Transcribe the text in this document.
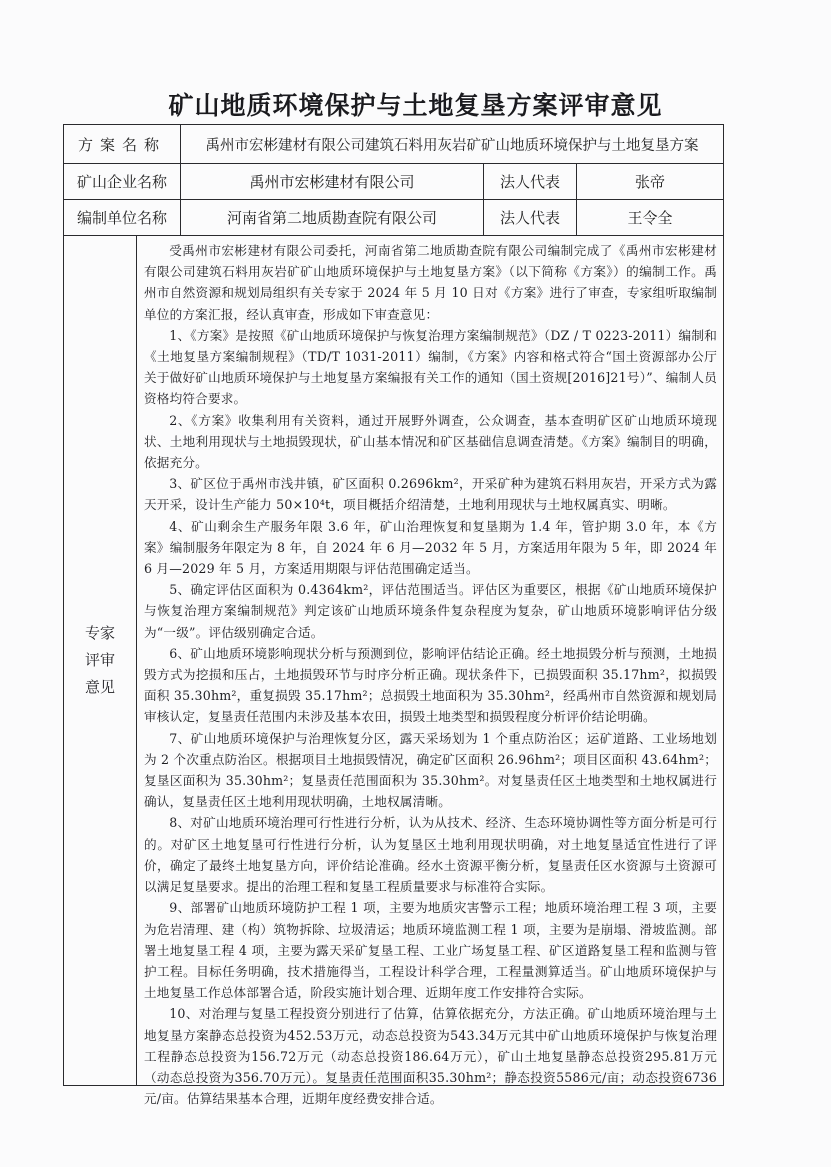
矿山地质环境保护与土地复垦方案评审意见
方案名称	禹州市宏彬建材有限公司建筑石料用灰岩矿矿山地质环境保护与土地复垦方案
矿山企业名称	禹州市宏彬建材有限公司	法人代表	张帝
编制单位名称	河南省第二地质勘查院有限公司	法人代表	王令全
专家
评审
意见

受禹州市宏彬建材有限公司委托，河南省第二地质勘查院有限公司编制完成了《禹州市宏彬建材有限公司建筑石料用灰岩矿矿山地质环境保护与土地复垦方案》（以下简称《方案》）的编制工作。禹州市自然资源和规划局组织有关专家于 2024 年 5 月 10 日对《方案》进行了审查，专家组听取编制单位的方案汇报，经认真审查，形成如下审查意见：

1、《方案》是按照《矿山地质环境保护与恢复治理方案编制规范》（DZ / T 0223-2011）编制和《土地复垦方案编制规程》（TD/T 1031-2011）编制，《方案》内容和格式符合“国土资源部办公厅关于做好矿山地质环境保护与土地复垦方案编报有关工作的通知（国土资规[2016]21号）”、编制人员资格均符合要求。

2、《方案》收集利用有关资料，通过开展野外调查，公众调查，基本查明矿区矿山地质环境现状、土地利用现状与土地损毁现状，矿山基本情况和矿区基础信息调查清楚。《方案》编制目的明确，依据充分。

3、矿区位于禹州市浅井镇，矿区面积 0.2696km²，开采矿种为建筑石料用灰岩，开采方式为露天开采，设计生产能力 50×10⁴t，项目概括介绍清楚，土地利用现状与土地权属真实、明晰。

4、矿山剩余生产服务年限 3.6 年，矿山治理恢复和复垦期为 1.4 年，管护期 3.0 年，本《方案》编制服务年限定为 8 年，自 2024 年 6 月—2032 年 5 月，方案适用年限为 5 年，即 2024 年 6 月—2029 年 5 月，方案适用期限与评估范围确定适当。

5、确定评估区面积为 0.4364km²，评估范围适当。评估区为重要区，根据《矿山地质环境保护与恢复治理方案编制规范》判定该矿山地质环境条件复杂程度为复杂，矿山地质环境影响评估分级为“一级”。评估级别确定合适。

6、矿山地质环境影响现状分析与预测到位，影响评估结论正确。经土地损毁分析与预测，土地损毁方式为挖损和压占，土地损毁环节与时序分析正确。现状条件下，已损毁面积 35.17hm²，拟损毁面积 35.30hm²，重复损毁 35.17hm²；总损毁土地面积为 35.30hm²，经禹州市自然资源和规划局审核认定，复垦责任范围内未涉及基本农田，损毁土地类型和损毁程度分析评价结论明确。

7、矿山地质环境保护与治理恢复分区，露天采场划为 1 个重点防治区；运矿道路、工业场地划为 2 个次重点防治区。根据项目土地损毁情况，确定矿区面积 26.96hm²；项目区面积 43.64hm²；复垦区面积为 35.30hm²；复垦责任范围面积为 35.30hm²。对复垦责任区土地类型和土地权属进行确认，复垦责任区土地利用现状明确，土地权属清晰。

8、对矿山地质环境治理可行性进行分析，认为从技术、经济、生态环境协调性等方面分析是可行的。对矿区土地复垦可行性进行分析，认为复垦区土地利用现状明确，对土地复垦适宜性进行了评价，确定了最终土地复垦方向，评价结论准确。经水土资源平衡分析，复垦责任区水资源与土资源可以满足复垦要求。提出的治理工程和复垦工程质量要求与标准符合实际。

9、部署矿山地质环境防护工程 1 项，主要为地质灾害警示工程；地质环境治理工程 3 项，主要为危岩清理、建（构）筑物拆除、垃圾清运；地质环境监测工程 1 项，主要为是崩塌、滑坡监测。部署土地复垦工程 4 项，主要为露天采矿复垦工程、工业广场复垦工程、矿区道路复垦工程和监测与管护工程。目标任务明确，技术措施得当，工程设计科学合理，工程量测算适当。矿山地质环境保护与土地复垦工作总体部署合适，阶段实施计划合理、近期年度工作安排符合实际。

10、对治理与复垦工程投资分别进行了估算，估算依据充分，方法正确。矿山地质环境治理与土地复垦方案静态总投资为452.53万元，动态总投资为543.34万元其中矿山地质环境保护与恢复治理工程静态总投资为156.72万元（动态总投资186.64万元），矿山土地复垦静态总投资295.81万元（动态总投资为356.70万元）。复垦责任范围面积35.30hm²；静态投资5586元/亩；动态投资6736元/亩。估算结果基本合理，近期年度经费安排合适。
